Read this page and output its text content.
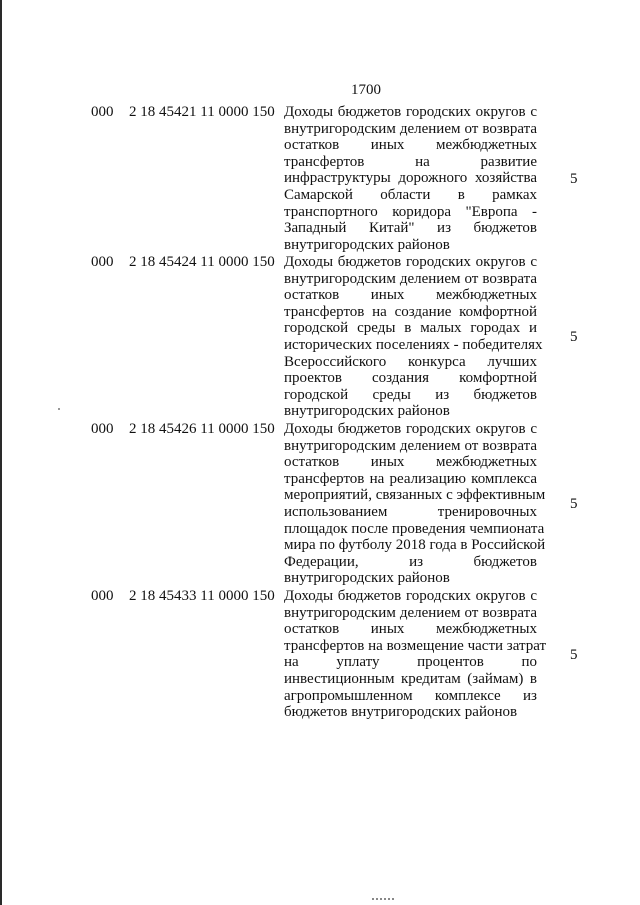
1700
000 2 18 45421 11 0000 150 Доходы бюджетов городских округов с
внутригородским делением от возврата
остатков иных межбюджетных
трансфертов на развитие
инфраструктуры дорожного хозяйства
Самарской области в рамках
транспортного коридора "Европа -
Западный Китай" из бюджетов
внутригородских районов
5
000 2 18 45424 11 0000 150 Доходы бюджетов городских округов с
внутригородским делением от возврата
остатков иных межбюджетных
трансфертов на создание комфортной
городской среды в малых городах и
исторических поселениях - победителях
Всероссийского конкурса лучших
проектов создания комфортной
городской среды из бюджетов
внутригородских районов
5
000 2 18 45426 11 0000 150 Доходы бюджетов городских округов с
внутригородским делением от возврата
остатков иных межбюджетных
трансфертов на реализацию комплекса
мероприятий, связанных с эффективным
использованием тренировочных
площадок после проведения чемпионата
мира по футболу 2018 года в Российской
Федерации, из бюджетов
внутригородских районов
5
000 2 18 45433 11 0000 150 Доходы бюджетов городских округов с
внутригородским делением от возврата
остатков иных межбюджетных
трансфертов на возмещение части затрат
на уплату процентов по
инвестиционным кредитам (займам) в
агропромышленном комплексе из
бюджетов внутригородских районов
5
